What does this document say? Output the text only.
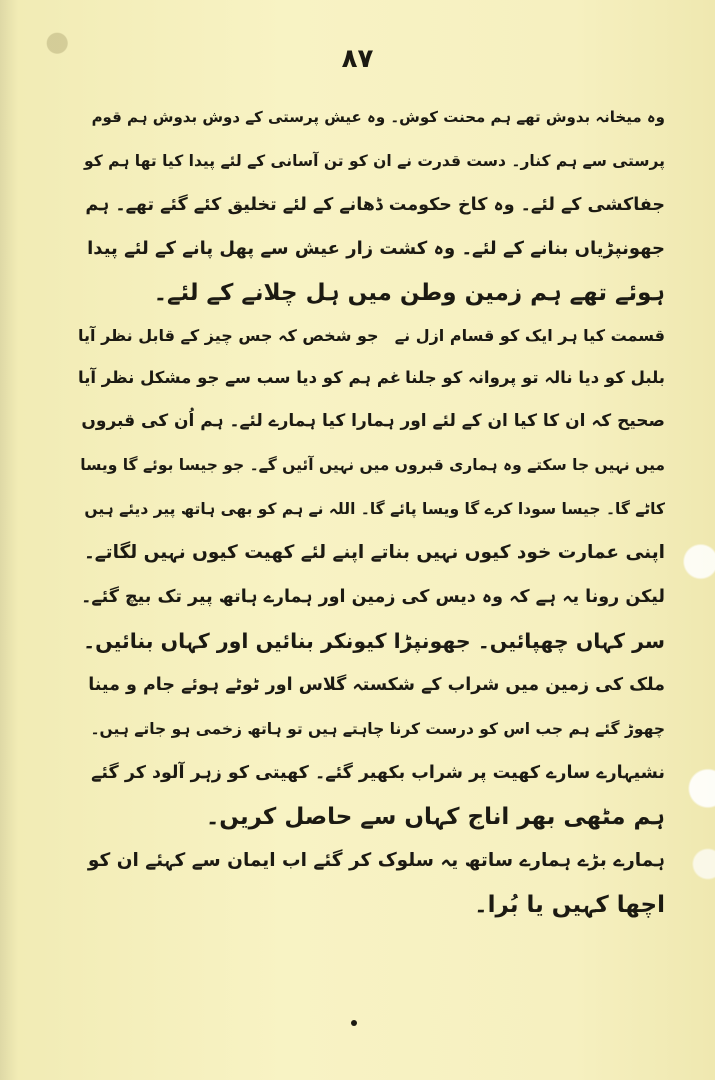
۸۷
وہ میخانہ بدوش تھے ہم محنت کوش۔ وہ عیش پرستی کے دوش بدوش ہم قوم
پرستی سے ہم کنار۔ دست قدرت نے ان کو تن آسانی کے لئے پیدا کیا تھا ہم کو
جفاکشی کے لئے۔ وہ کاخ حکومت ڈھانے کے لئے تخلیق کئے گئے تھے۔ ہم
جھونپڑیاں بنانے کے لئے۔ وہ کشت زار عیش سے پھل پانے کے لئے پیدا
ہوئے تھے ہم زمین وطن میں ہل چلانے کے لئے۔
قسمت کیا ہر ایک کو قسام ازل نے
جو شخص کہ جس چیز کے قابل نظر آیا
بلبل کو دیا نالہ تو پروانہ کو جلنا
غم ہم کو دیا سب سے جو مشکل نظر آیا
صحیح کہ ان کا کیا ان کے لئے اور ہمارا کیا ہمارے لئے۔ ہم اُن کی قبروں
میں نہیں جا سکتے وہ ہماری قبروں میں نہیں آئیں گے۔ جو جیسا بوئے گا ویسا
کاٹے گا۔ جیسا سودا کرے گا ویسا پائے گا۔ اللہ نے ہم کو بھی ہاتھ پیر دیئے ہیں
اپنی عمارت خود کیوں نہیں بناتے اپنے لئے کھیت کیوں نہیں لگاتے۔
لیکن رونا یہ ہے کہ وہ دیس کی زمین اور ہمارے ہاتھ پیر تک بیچ گئے۔
سر کہاں چھپائیں۔ جھونپڑا کیونکر بنائیں اور کہاں بنائیں۔
ملک کی زمین میں شراب کے شکستہ گلاس اور ٹوٹے ہوئے جام و مینا
چھوڑ گئے ہم جب اس کو درست کرنا چاہتے ہیں تو ہاتھ زخمی ہو جاتے ہیں۔
نشیہارے سارے کھیت پر شراب بکھیر گئے۔ کھیتی کو زہر آلود کر گئے
ہم مٹھی بھر اناج کہاں سے حاصل کریں۔
ہمارے بڑے ہمارے ساتھ یہ سلوک کر گئے اب ایمان سے کہئے ان کو
اچھا کہیں یا بُرا۔
